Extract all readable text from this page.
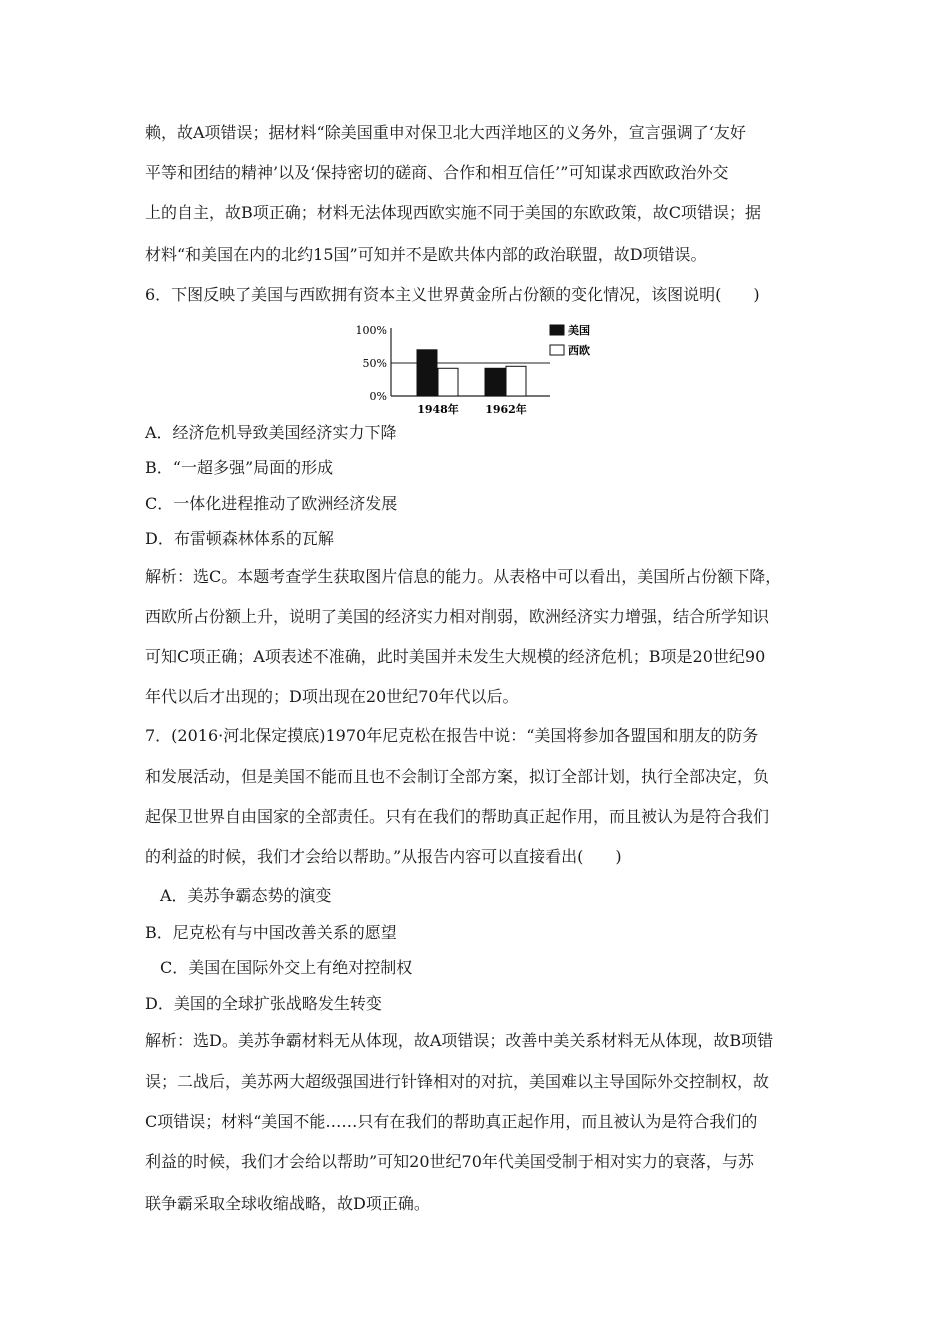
赖，故A项错误；据材料“除美国重申对保卫北大西洋地区的义务外，宣言强调了‘友好
平等和团结的精神’以及‘保持密切的磋商、合作和相互信任’”可知谋求西欧政治外交
上的自主，故B项正确；材料无法体现西欧实施不同于美国的东欧政策，故C项错误；据
材料“和美国在内的北约15国”可知并不是欧共体内部的政治联盟，故D项错误。
6．下图反映了美国与西欧拥有资本主义世界黄金所占份额的变化情况，该图说明(　　)
0%
50%
100%
1948年 1962年
美国
西欧
A．经济危机导致美国经济实力下降
B．“一超多强”局面的形成
C．一体化进程推动了欧洲经济发展
D．布雷顿森林体系的瓦解
解析：选C。本题考查学生获取图片信息的能力。从表格中可以看出，美国所占份额下降，
西欧所占份额上升，说明了美国的经济实力相对削弱，欧洲经济实力增强，结合所学知识
可知C项正确；A项表述不准确，此时美国并未发生大规模的经济危机；B项是20世纪90
年代以后才出现的；D项出现在20世纪70年代以后。
7．(2016·河北保定摸底)1970年尼克松在报告中说：“美国将参加各盟国和朋友的防务
和发展活动，但是美国不能而且也不会制订全部方案，拟订全部计划，执行全部决定，负
起保卫世界自由国家的全部责任。只有在我们的帮助真正起作用，而且被认为是符合我们
的利益的时候，我们才会给以帮助。”从报告内容可以直接看出(　　)
A．美苏争霸态势的演变
B．尼克松有与中国改善关系的愿望
C．美国在国际外交上有绝对控制权
D．美国的全球扩张战略发生转变
解析：选D。美苏争霸材料无从体现，故A项错误；改善中美关系材料无从体现，故B项错
误；二战后，美苏两大超级强国进行针锋相对的对抗，美国难以主导国际外交控制权，故
C项错误；材料“美国不能……只有在我们的帮助真正起作用，而且被认为是符合我们的
利益的时候，我们才会给以帮助”可知20世纪70年代美国受制于相对实力的衰落，与苏
联争霸采取全球收缩战略，故D项正确。
